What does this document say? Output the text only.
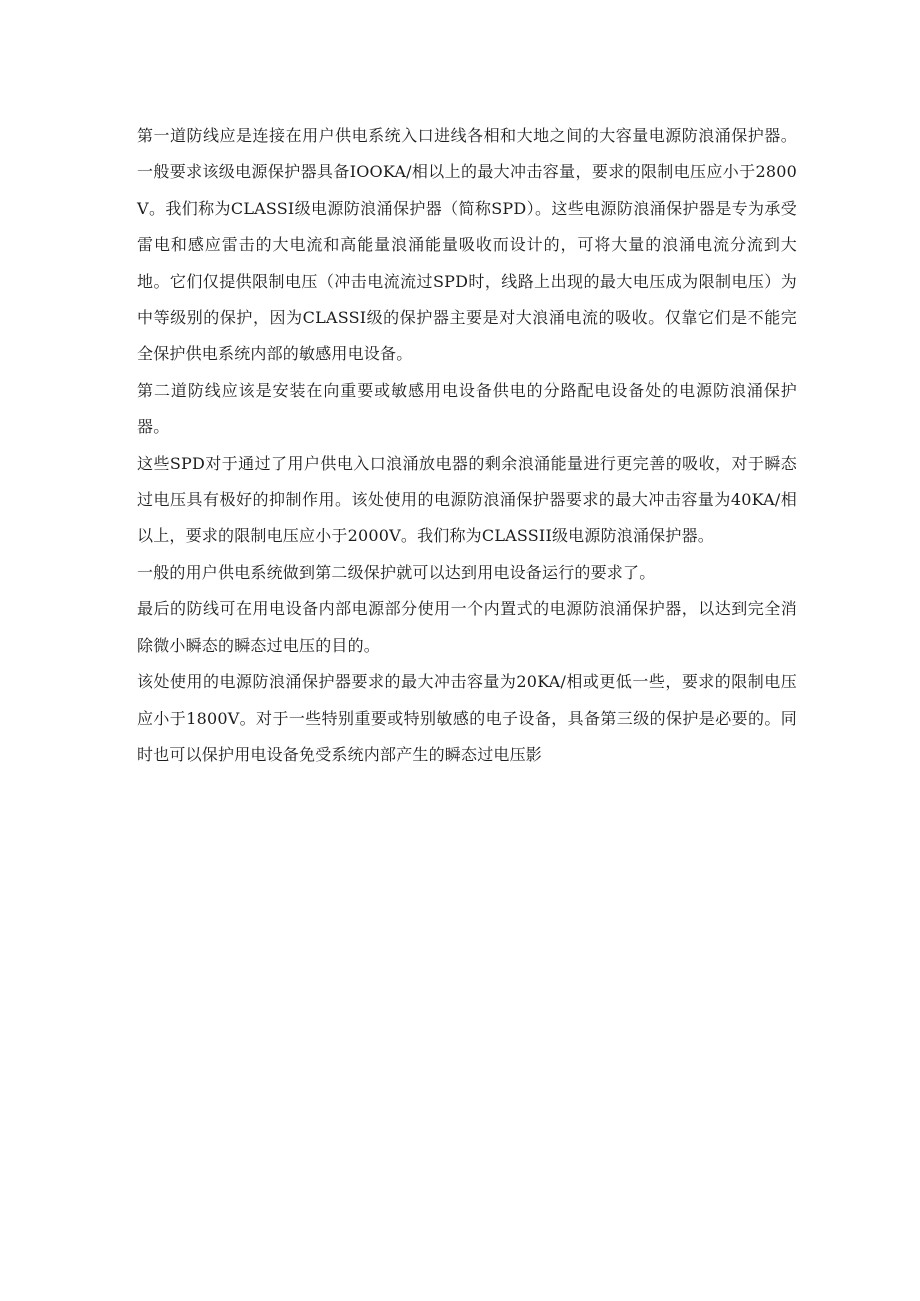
第一道防线应是连接在用户供电系统入口进线各相和大地之间的大容量电源防浪涌保护器。一般要求该级电源保护器具备IOOKA/相以上的最大冲击容量，要求的限制电压应小于2800V。我们称为CLASSI级电源防浪涌保护器（简称SPD）。这些电源防浪涌保护器是专为承受雷电和感应雷击的大电流和高能量浪涌能量吸收而设计的，可将大量的浪涌电流分流到大地。它们仅提供限制电压（冲击电流流过SPD时，线路上出现的最大电压成为限制电压）为中等级别的保护，因为CLASSI级的保护器主要是对大浪涌电流的吸收。仅靠它们是不能完全保护供电系统内部的敏感用电设备。

第二道防线应该是安装在向重要或敏感用电设备供电的分路配电设备处的电源防浪涌保护器。

这些SPD对于通过了用户供电入口浪涌放电器的剩余浪涌能量进行更完善的吸收，对于瞬态过电压具有极好的抑制作用。该处使用的电源防浪涌保护器要求的最大冲击容量为40KA/相以上，要求的限制电压应小于2000V。我们称为CLASSII级电源防浪涌保护器。

一般的用户供电系统做到第二级保护就可以达到用电设备运行的要求了。

最后的防线可在用电设备内部电源部分使用一个内置式的电源防浪涌保护器，以达到完全消除微小瞬态的瞬态过电压的目的。

该处使用的电源防浪涌保护器要求的最大冲击容量为20KA/相或更低一些，要求的限制电压应小于1800V。对于一些特别重要或特别敏感的电子设备，具备第三级的保护是必要的。同时也可以保护用电设备免受系统内部产生的瞬态过电压影
